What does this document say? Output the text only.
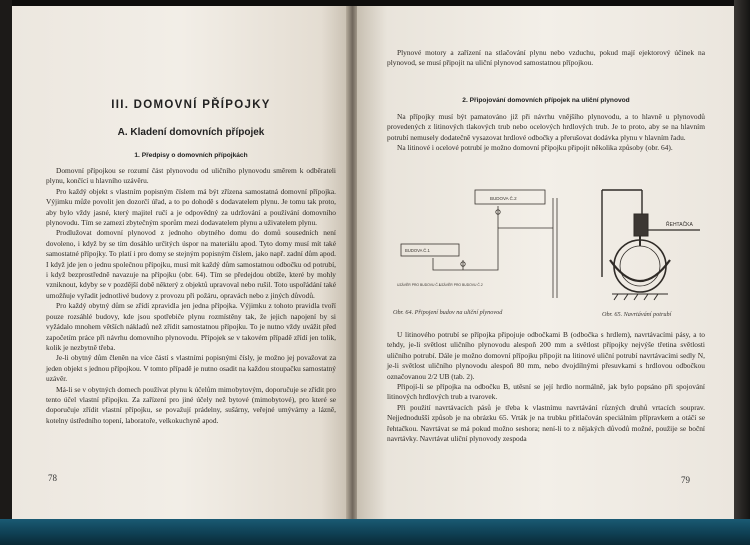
III. DOMOVNÍ PŘÍPOJKY
A. Kladení domovních přípojek
1. Předpisy o domovních přípojkách

Domovní přípojkou se rozumí část plynovodu od uličního plynovodu směrem k odběrateli plynu, končící u hlavního uzávěru.

Pro každý objekt s vlastním popisným číslem má být zřízena samostatná domovní přípojka. Výjimku může povolit jen dozorčí úřad, a to po dohodě s dodavatelem plynu. Je tomu tak proto, aby bylo vždy jasné, který majitel ručí a je odpovědný za udržování a používání domovního plynovodu. Tím se zamezí zbytečným sporům mezi dodavatelem plynu a uživatelem plynu.

Prodlužovat domovní plynovod z jednoho obytného domu do domů sousedních není dovoleno, i když by se tím dosáhlo určitých úspor na materiálu apod. Tyto domy musí mít také samostatné přípojky. To platí i pro domy se stejným popisným číslem, jako např. zadní dům apod. I když jde jen o jednu společnou přípojku, musí mít každý dům samostatnou odbočku od potrubí, i když bezprostředně navazuje na přípojku (obr. 64). Tím se předejdou obtíže, které by mohly vzniknout, kdyby se v pozdější době některý z objektů upravoval nebo rušil. Toto uspořádání také umožňuje vyřadit jednotlivé budovy z provozu při požáru, opravách nebo z jiných důvodů.

Pro každý obytný dům se zřídí zpravidla jen jedna přípojka. Výjimku z tohoto pravidla tvoří pouze rozsáhlé budovy, kde jsou spotřebiče plynu rozmístěny tak, že jejich napojení by si vyžádalo mnohem větších nákladů než zřídit samostatnou přípojku. To je nutno vždy uvážit před započetím práce při návrhu domovního plynovodu. Přípojek se v takovém případě zřídí jen tolik, kolik je nezbytně třeba.

Je-li obytný dům členěn na více částí s vlastními popisnými čísly, je možno jej považovat za jeden objekt s jednou přípojkou. V tomto případě je nutno osadit na každou stoupačku samostatný uzávěr.

Má-li se v obytných domech používat plynu k účelům mimobytovým, doporučuje se zřídit pro tento účel vlastní přípojku. Za zařízení pro jiné účely než bytové (mimobytové), pro které se doporučuje zřídit vlastní přípojku, se považují prádelny, sušárny, veřejné umývárny a lázně, kotelny ústředního topení, laboratoře, velkokuchyně apod.

78

Plynové motory a zařízení na stlačování plynu nebo vzduchu, pokud mají ejektorový účinek na plynovod, se musí připojit na uliční plynovod samostatnou přípojkou.

2. Připojování domovních přípojek na uliční plynovod

Na přípojky musí být pamatováno již při návrhu vnějšího plynovodu, a to hlavně u plynovodů provedených z litinových tlakových trub nebo ocelových hrdlových trub. Je to proto, aby se na hlavním potrubí nemusely dodatečně vysazovat hrdlové odbočky a přerušovat dodávka plynu v hlavním řadu.

Na litinové i ocelové potrubí je možno domovní přípojku připojit několika způsoby (obr. 64).

BUDOVA Č.2
BUDOVA Č.1
UZÁVĚR PRO BUDOVU Č.1
UZÁVĚR PRO BUDOVU Č.2
Obr. 64. Připojení budov na uliční plynovod
ŘEHTAČKA
Obr. 65. Navrtávání potrubí

U litinového potrubí se přípojka připojuje odbočkami B (odbočka s hrdlem), navrtávacími pásy, a to tehdy, je-li světlost uličního plynovodu alespoň 200 mm a světlost přípojky nejvýše třetina světlosti uličního potrubí. Dále je možno domovní přípojku připojit na litinové uliční potrubí navrtávacími sedly N, je-li světlost uličního plynovodu alespoň 80 mm, nebo dvojdílnými přesuvkami s hrdlovou odbočkou označovanou 2/2 UB (tab. 2).

Připojí-li se přípojka na odbočku B, utěsní se její hrdlo normálně, jak bylo popsáno při spojování litinových hrdlových trub a tvarovek.

Při použití navrtávacích pásů je třeba k vlastnímu navrtávání různých druhů vrtacích souprav. Nejjednodušší způsob je na obrázku 65. Vrták je na trubku přitlačován speciálním přípravkem a otáčí se řehtačkou. Navrtávat se má pokud možno seshora; není-li to z nějakých důvodů možné, použije se boční navrtávky. Navrtávat uliční plynovody zespoda

79
